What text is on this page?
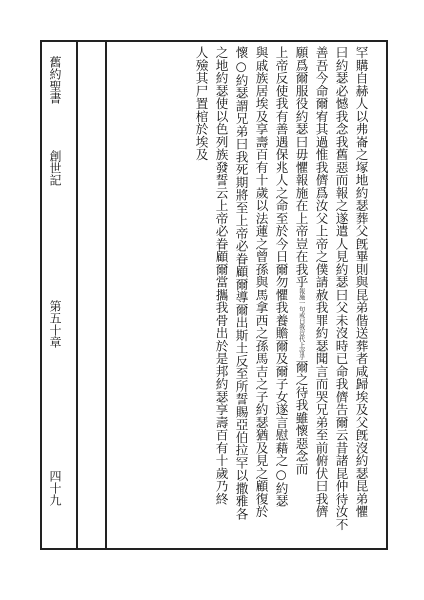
舊約聖書
創世記
第五十章
四十九	罕購自赫人以弗崙之塚地約瑟葬父旣畢則與昆弟偕送葬者咸歸埃及父旣沒約瑟昆弟懼
曰約瑟必憾我念我舊惡而報之遂遣人見約瑟曰父未沒時已命我儕告爾云昔諸昆仲待汝不
善吾今命爾宥其過惟我儕爲汝父上帝之僕請赦我罪約瑟聞言而哭兄弟至前俯伏曰我儕
願爲爾服役約瑟曰毋懼報施在上帝豈在我乎報施一句或曰我豈代上帝乎爾之待我雖懷惡念而
上帝反使我有善遇保兆人之命至於今日爾勿懼我養贍爾及爾子女遂言慰藉之○約瑟
與戚族居埃及享壽百有十歲以法蓮之曾孫與馬拿西之孫馬吉之子約瑟猶及見之顧復於
懷○約瑟謂兄弟曰我死期將至上帝必眷顧爾導爾出斯土反至所誓賜亞伯拉罕以撒雅各
之地約瑟使以色列族發誓云上帝必眷顧爾當攜我骨出於是邦約瑟享壽百有十歲乃終
人殮其尸置棺於埃及
